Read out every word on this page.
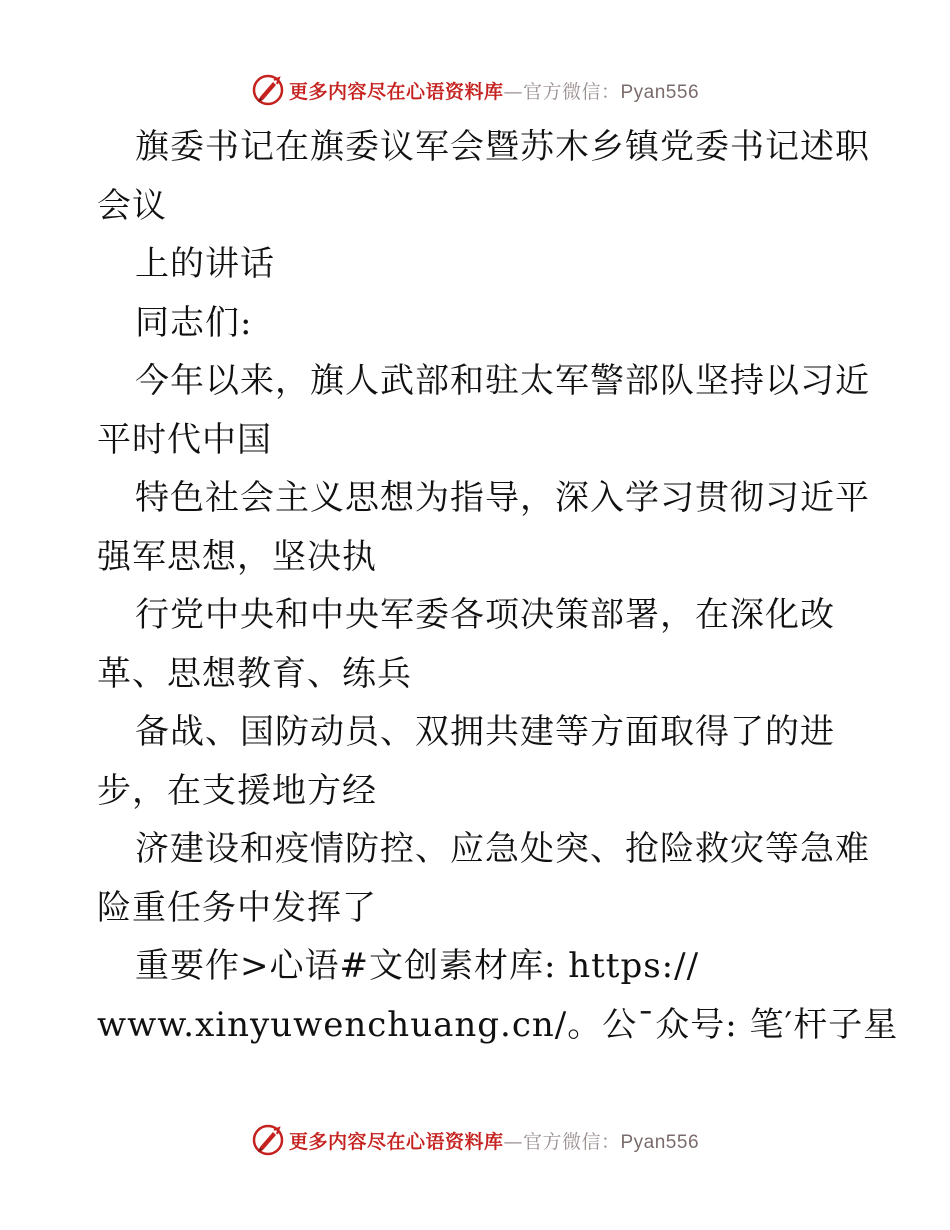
更多内容尽在心语资料库—官方微信：Pyan556
旗委书记在旗委议军会暨苏木乡镇党委书记述职
会议
上的讲话
同志们:
今年以来，旗人武部和驻太军警部队坚持以习近
平时代中国
特色社会主义思想为指导，深入学习贯彻习近平
强军思想，坚决执
行党中央和中央军委各项决策部署，在深化改
革、思想教育、练兵
备战、国防动员、双拥共建等方面取得了的进
步，在支援地方经
济建设和疫情防控、应急处突、抢险救灾等急难
险重任务中发挥了
重要作>心语#文创素材库: https://
www.xinyuwenchuang.cn/。公¯众号: 笔′杆子星
更多内容尽在心语资料库—官方微信：Pyan556
